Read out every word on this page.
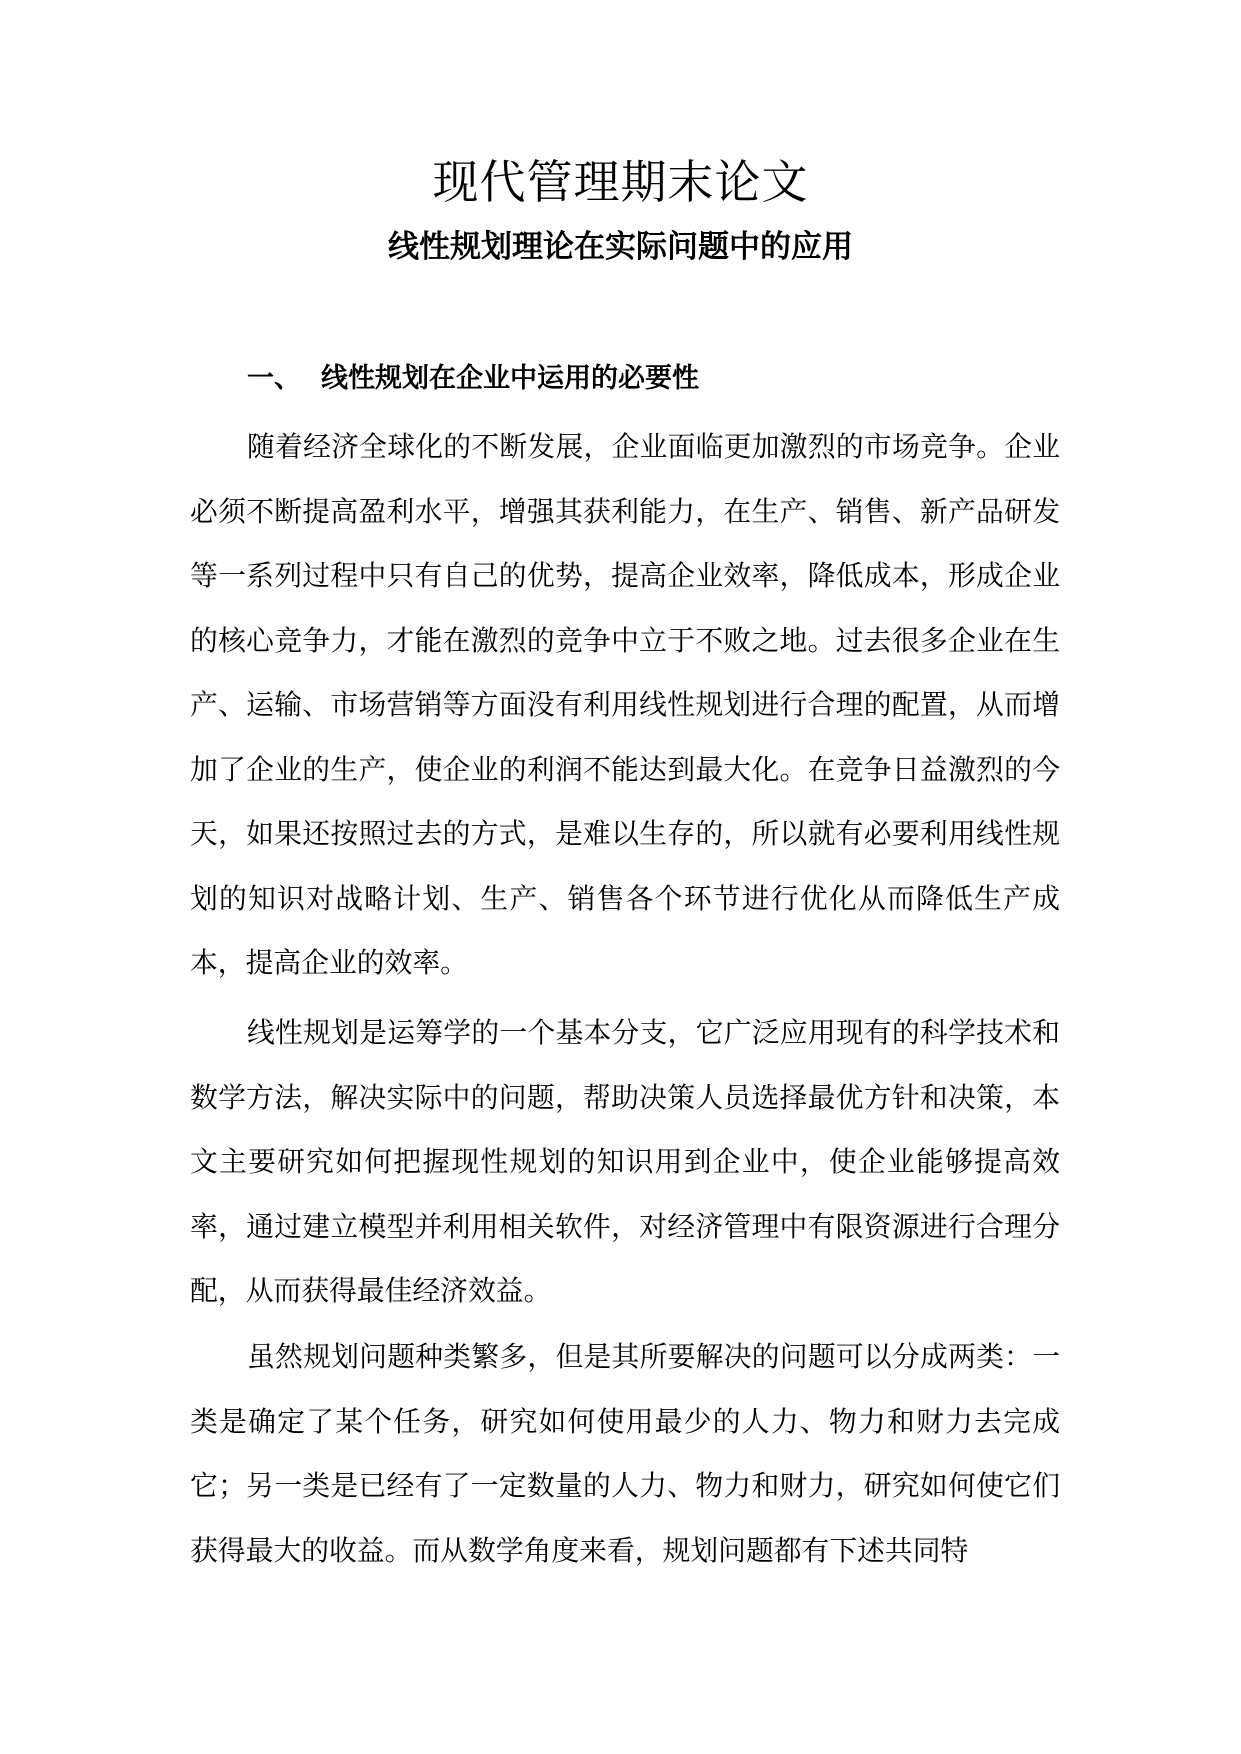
现代管理期末论文
线性规划理论在实际问题中的应用
一、 线性规划在企业中运用的必要性

随着经济全球化的不断发展，企业面临更加激烈的市场竞争。企业必须不断提高盈利水平，增强其获利能力，在生产、销售、新产品研发等一系列过程中只有自己的优势，提高企业效率，降低成本，形成企业的核心竞争力，才能在激烈的竞争中立于不败之地。过去很多企业在生产、运输、市场营销等方面没有利用线性规划进行合理的配置，从而增加了企业的生产，使企业的利润不能达到最大化。在竞争日益激烈的今天，如果还按照过去的方式，是难以生存的，所以就有必要利用线性规划的知识对战略计划、生产、销售各个环节进行优化从而降低生产成本，提高企业的效率。

线性规划是运筹学的一个基本分支，它广泛应用现有的科学技术和数学方法，解决实际中的问题，帮助决策人员选择最优方针和决策，本文主要研究如何把握现性规划的知识用到企业中，使企业能够提高效率，通过建立模型并利用相关软件，对经济管理中有限资源进行合理分配，从而获得最佳经济效益。

虽然规划问题种类繁多，但是其所要解决的问题可以分成两类：一类是确定了某个任务，研究如何使用最少的人力、物力和财力去完成它；另一类是已经有了一定数量的人力、物力和财力，研究如何使它们获得最大的收益。而从数学角度来看，规划问题都有下述共同特
